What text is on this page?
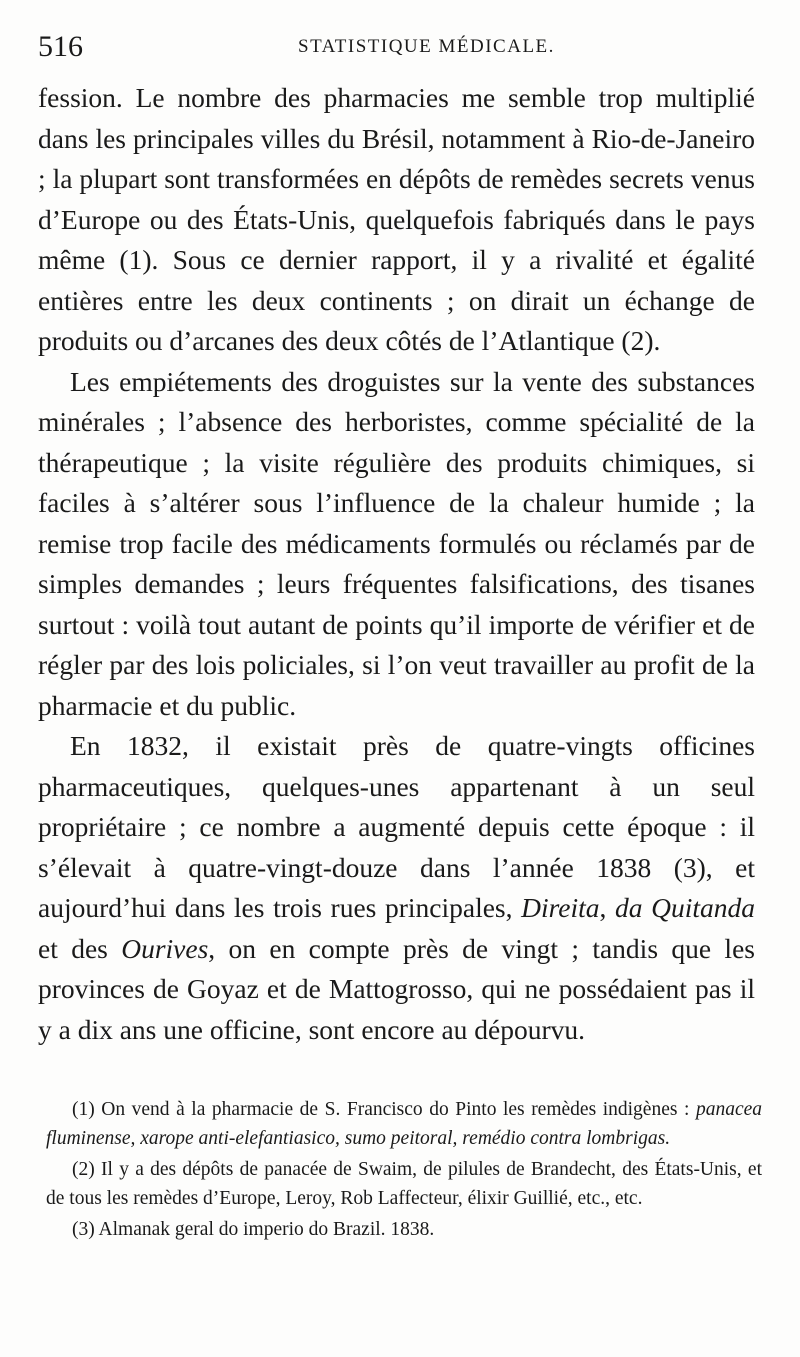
516	STATISTIQUE MÉDICALE.

fession. Le nombre des pharmacies me semble trop multiplié dans les principales villes du Brésil, notamment à Rio-de-Janeiro ; la plupart sont transformées en dépôts de remèdes secrets venus d’Europe ou des États-Unis, quelquefois fabriqués dans le pays même (1). Sous ce dernier rapport, il y a rivalité et égalité entières entre les deux continents ; on dirait un échange de produits ou d’arcanes des deux côtés de l’Atlantique (2).

Les empiétements des droguistes sur la vente des substances minérales ; l’absence des herboristes, comme spécialité de la thérapeutique ; la visite régulière des produits chimiques, si faciles à s’altérer sous l’influence de la chaleur humide ; la remise trop facile des médicaments formulés ou réclamés par de simples demandes ; leurs fréquentes falsifications, des tisanes surtout : voilà tout autant de points qu’il importe de vérifier et de régler par des lois policiales, si l’on veut travailler au profit de la pharmacie et du public.

En 1832, il existait près de quatre-vingts officines pharmaceutiques, quelques-unes appartenant à un seul propriétaire ; ce nombre a augmenté depuis cette époque : il s’élevait à quatre-vingt-douze dans l’année 1838 (3), et aujourd’hui dans les trois rues principales, Direita, da Quitanda et des Ourives, on en compte près de vingt ; tandis que les provinces de Goyaz et de Mattogrosso, qui ne possédaient pas il y a dix ans une officine, sont encore au dépourvu.

(1) On vend à la pharmacie de S. Francisco do Pinto les remèdes indigènes : panacea fluminense, xarope anti-elefantiasico, sumo peitoral, remédio contra lombrigas.

(2) Il y a des dépôts de panacée de Swaim, de pilules de Brandecht, des États-Unis, et de tous les remèdes d’Europe, Leroy, Rob Laffecteur, élixir Guillié, etc., etc.

(3) Almanak geral do imperio do Brazil. 1838.
